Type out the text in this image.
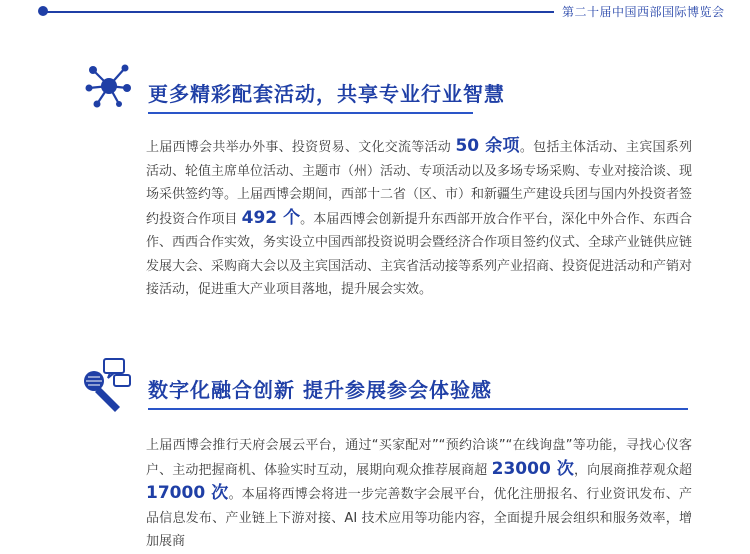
第二十届中国西部国际博览会
更多精彩配套活动，共享专业行业智慧

上届西博会共举办外事、投资贸易、文化交流等活动 50 余项。包括主体活动、主宾国系列活动、轮值主席单位活动、主题市（州）活动、专项活动以及多场专场采购、专业对接洽谈、现场采供签约等。上届西博会期间，西部十二省（区、市）和新疆生产建设兵团与国内外投资者签约投资合作项目 492 个。本届西博会创新提升东西部开放合作平台，深化中外合作、东西合作、西西合作实效，务实设立中国西部投资说明会暨经济合作项目签约仪式、全球产业链供应链发展大会、采购商大会以及主宾国活动、主宾省活动接等系列产业招商、投资促进活动和产销对接活动，促进重大产业项目落地，提升展会实效。

数字化融合创新 提升参展参会体验感

上届西博会推行天府会展云平台，通过“买家配对”“预约洽谈”“在线询盘”等功能，寻找心仪客户、主动把握商机、体验实时互动，展期向观众推荐展商超 23000 次，向展商推荐观众超 17000 次。本届将西博会将进一步完善数字会展平台，优化注册报名、行业资讯发布、产品信息发布、产业链上下游对接、AI 技术应用等功能内容，全面提升展会组织和服务效率，增加展商
